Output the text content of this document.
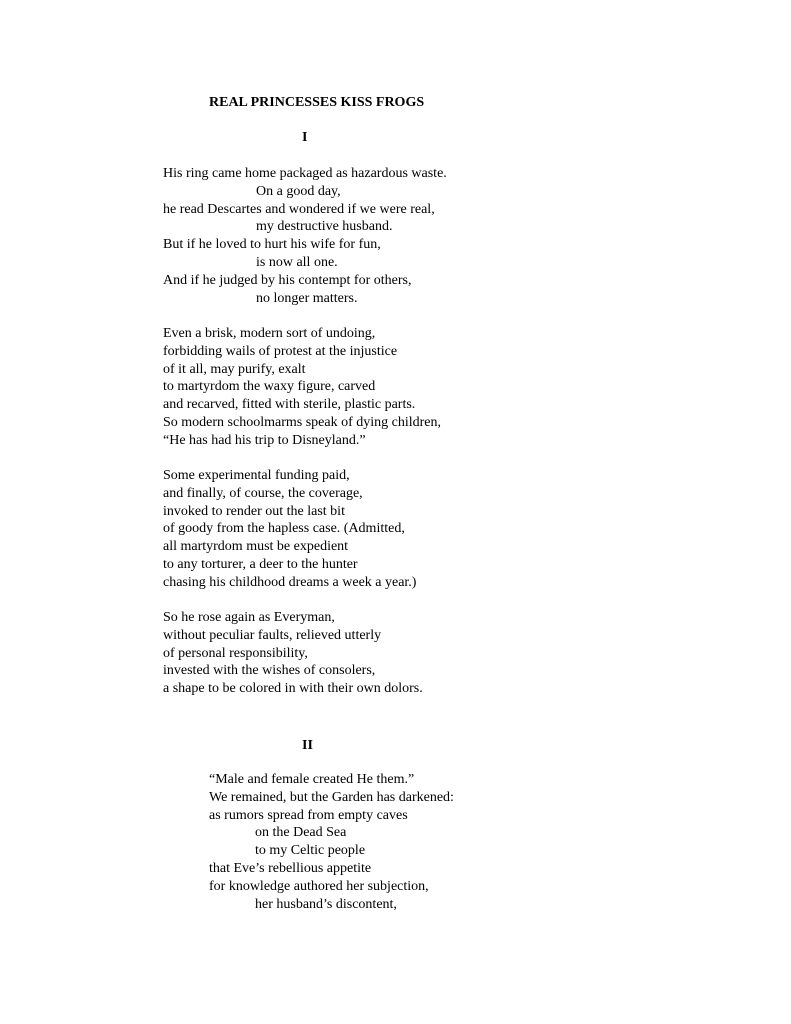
REAL PRINCESSES KISS FROGS
I
His ring came home packaged as hazardous waste.
On a good day,
he read Descartes and wondered if we were real,
my destructive husband.
But if he loved to hurt his wife for fun,
is now all one.
And if he judged by his contempt for others,
no longer matters.
Even a brisk, modern sort of undoing,
forbidding wails of protest at the injustice
of it all, may purify, exalt
to martyrdom the waxy figure, carved
and recarved, fitted with sterile, plastic parts.
So modern schoolmarms speak of dying children,
“He has had his trip to Disneyland.”
Some experimental funding paid,
and finally, of course, the coverage,
invoked to render out the last bit
of goody from the hapless case. (Admitted,
all martyrdom must be expedient
to any torturer, a deer to the hunter
chasing his childhood dreams a week a year.)
So he rose again as Everyman,
without peculiar faults, relieved utterly
of personal responsibility,
invested with the wishes of consolers,
a shape to be colored in with their own dolors.
II
“Male and female created He them.”
We remained, but the Garden has darkened:
as rumors spread from empty caves
on the Dead Sea
to my Celtic people
that Eve’s rebellious appetite
for knowledge authored her subjection,
her husband’s discontent,
